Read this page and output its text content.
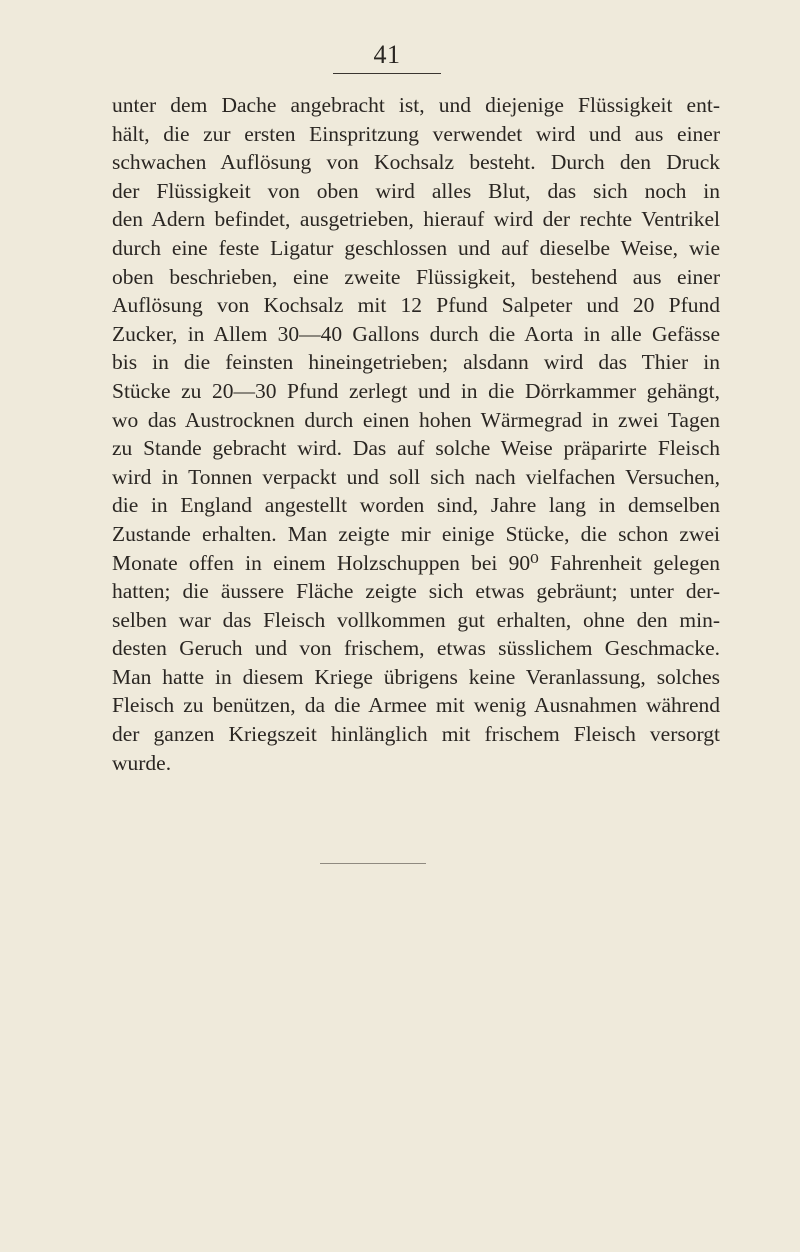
41
unter dem Dache angebracht ist, und diejenige Flüssigkeit ent-
hält, die zur ersten Einspritzung verwendet wird und aus einer
schwachen Auflösung von Kochsalz besteht. Durch den Druck
der Flüssigkeit von oben wird alles Blut, das sich noch in
den Adern befindet, ausgetrieben, hierauf wird der rechte Ventrikel
durch eine feste Ligatur geschlossen und auf dieselbe Weise, wie
oben beschrieben, eine zweite Flüssigkeit, bestehend aus einer
Auflösung von Kochsalz mit 12 Pfund Salpeter und 20 Pfund
Zucker, in Allem 30—40 Gallons durch die Aorta in alle Gefässe
bis in die feinsten hineingetrieben; alsdann wird das Thier in
Stücke zu 20—30 Pfund zerlegt und in die Dörrkammer gehängt,
wo das Austrocknen durch einen hohen Wärmegrad in zwei Tagen
zu Stande gebracht wird. Das auf solche Weise präparirte Fleisch
wird in Tonnen verpackt und soll sich nach vielfachen Versuchen,
die in England angestellt worden sind, Jahre lang in demselben
Zustande erhalten. Man zeigte mir einige Stücke, die schon zwei
Monate offen in einem Holzschuppen bei 90⁰ Fahrenheit gelegen
hatten; die äussere Fläche zeigte sich etwas gebräunt; unter der-
selben war das Fleisch vollkommen gut erhalten, ohne den min-
desten Geruch und von frischem, etwas süsslichem Geschmacke.
Man hatte in diesem Kriege übrigens keine Veranlassung, solches
Fleisch zu benützen, da die Armee mit wenig Ausnahmen während
der ganzen Kriegszeit hinlänglich mit frischem Fleisch versorgt
wurde.
